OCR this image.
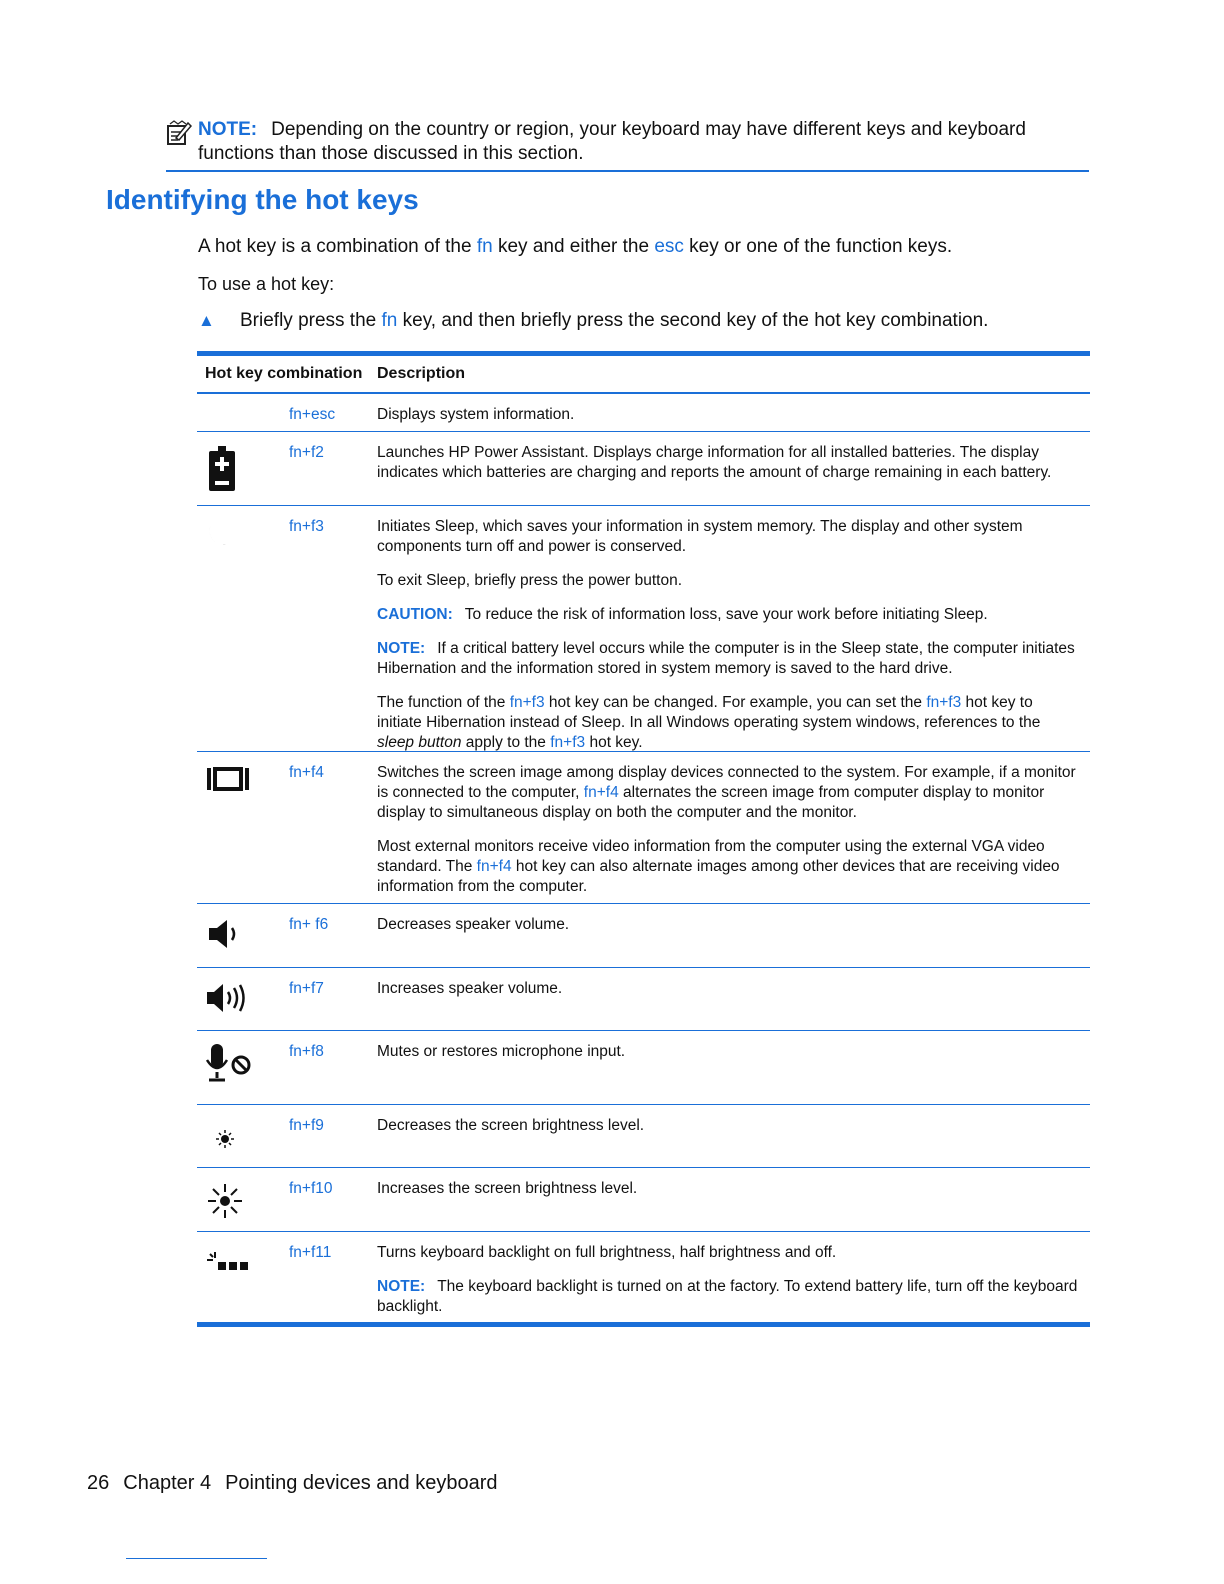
NOTE: Depending on the country or region, your keyboard may have different keys and keyboard functions than those discussed in this section.
Identifying the hot keys

A hot key is a combination of the fn key and either the esc key or one of the function keys.

To use a hot key:

▲ Briefly press the fn key, and then briefly press the second key of the hot key combination.

Hot key combination Description
fn+esc	Displays system information.

fn+f2	Launches HP Power Assistant. Displays charge information for all installed batteries. The display indicates which batteries are charging and reports the amount of charge remaining in each battery.

fn+f3	Initiates Sleep, which saves your information in system memory. The display and other system components turn off and power is conserved.

To exit Sleep, briefly press the power button.

CAUTION: To reduce the risk of information loss, save your work before initiating Sleep.

NOTE: If a critical battery level occurs while the computer is in the Sleep state, the computer initiates Hibernation and the information stored in system memory is saved to the hard drive.

The function of the fn+f3 hot key can be changed. For example, you can set the fn+f3 hot key to initiate Hibernation instead of Sleep. In all Windows operating system windows, references to the sleep button apply to the fn+f3 hot key.

fn+f4	Switches the screen image among display devices connected to the system. For example, if a monitor is connected to the computer, fn+f4 alternates the screen image from computer display to monitor display to simultaneous display on both the computer and the monitor.

Most external monitors receive video information from the computer using the external VGA video standard. The fn+f4 hot key can also alternate images among other devices that are receiving video information from the computer.

fn+ f6	Decreases speaker volume.

fn+f7	Increases speaker volume.

fn+f8	Mutes or restores microphone input.

fn+f9	Decreases the screen brightness level.

fn+f10	Increases the screen brightness level.

fn+f11	Turns keyboard backlight on full brightness, half brightness and off.

NOTE: The keyboard backlight is turned on at the factory. To extend battery life, turn off the keyboard backlight.

26 Chapter 4 Pointing devices and keyboard
